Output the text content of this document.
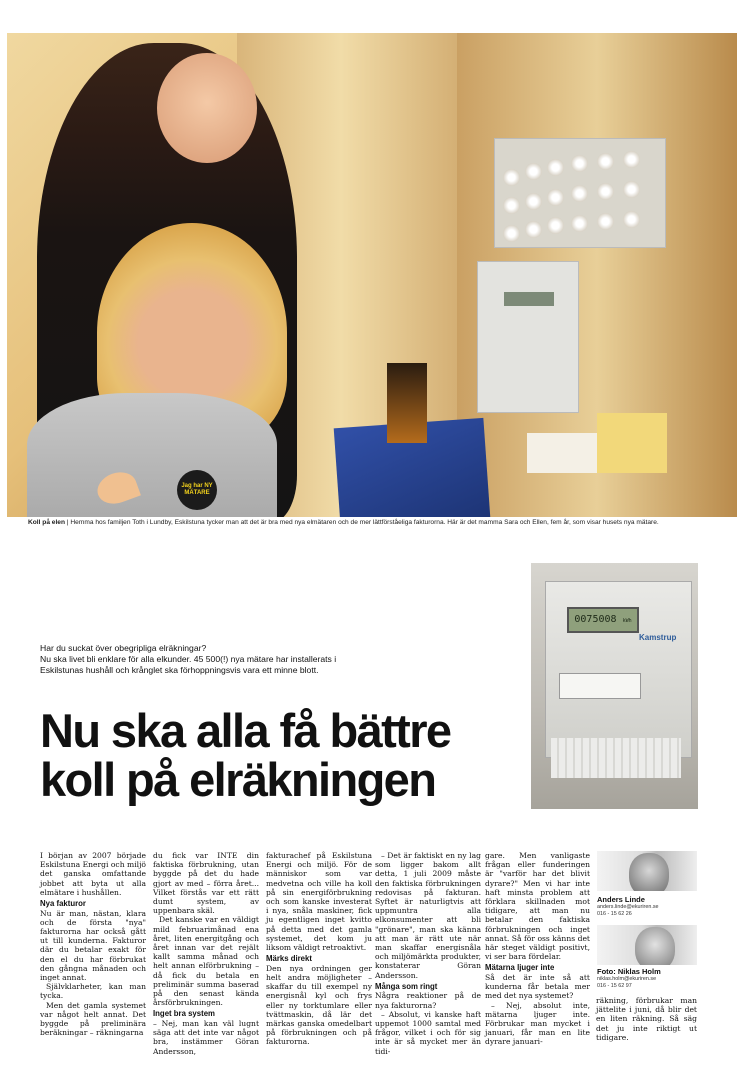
Jag har NY MÄTARE
Koll på elen | Hemma hos familjen Toth i Lundby, Eskilstuna tycker man att det är bra med nya elmätaren och de mer lättförståeliga fakturorna. Här är det mamma Sara och Ellen, fem år, som visar husets nya mätare.
Har du suckat över obegripliga elräkningar?
Nu ska livet bli enklare för alla elkunder. 45 500(!) nya mätare har installerats i Eskilstunas hushåll och krånglet ska förhoppningsvis vara ett minne blott.
Nu ska alla få bättre
koll på elräkningen
0075008 kWh
Kamstrup

I början av 2007 började Eskilstuna Energi och miljö det ganska omfattande jobbet att byta ut alla elmätare i hushållen.

Nya fakturor

Nu är man, nästan, klara och de första "nya" fakturorna har också gått ut till kunderna. Fakturor där du betalar exakt för den el du har förbrukat den gångna månaden och inget annat.

Självklarheter, kan man tycka.

Men det gamla systemet var något helt annat. Det byggde på preliminära beräkningar – räkningarna

du fick var INTE din faktiska förbrukning, utan byggde på det du hade gjort av med – förra året... Vilket förstås var ett rätt dumt system, av uppenbara skäl.

Det kanske var en väldigt mild februarimånad ena året, liten energitgång och året innan var det rejält kallt samma månad och helt annan elförbrukning – då fick du betala en preliminär summa baserad på den senast kända årsförbrukningen.

Inget bra system

– Nej, man kan väl lugnt säga att det inte var något bra, instämmer Göran Andersson,

fakturachef på Eskilstuna Energi och miljö. För de människor som var medvetna och ville ha koll på sin energiförbrukning och som kanske investerat i nya, snåla maskiner, fick ju egentligen inget kvitto på detta med det gamla systemet, det kom ju liksom väldigt retroaktivt.

Märks direkt

Den nya ordningen ger helt andra möjligheter – skaffar du till exempel ny energisnål kyl och frys eller ny torktumlare eller tvättmaskin, då lär det märkas ganska omedelbart på förbrukningen och på fakturorna.

– Det är faktiskt en ny lag som ligger bakom allt detta, 1 juli 2009 måste den faktiska förbrukningen redovisas på fakturan. Syftet är naturligtvis att uppmuntra alla elkonsumenter att bli "grönare", man ska känna att man är rätt ute när man skaffar energisnåla och miljömärkta produkter, konstaterar Göran Andersson.

Många som ringt

Några reaktioner på de nya fakturorna?

– Absolut, vi kanske haft uppemot 1000 samtal med frågor, vilket i och för sig inte är så mycket mer än tidi-

gare. Men vanligaste frågan eller funderingen är "varför har det blivit dyrare?" Men vi har inte haft minsta problem att förklara skillnaden mot tidigare, att man nu betalar den faktiska förbrukningen och inget annat. Så för oss känns det här steget väldigt positivt, vi ser bara fördelar.

Mätarna ljuger inte

Så det är inte så att kunderna får betala mer med det nya systemet?

– Nej, absolut inte, mätarna ljuger inte. Förbrukar man mycket i januari, får man en lite dyrare januari-

räkning, förbrukar man jättelite i juni, då blir det en liten räkning. Så säg det ju inte riktigt ut tidigare.

Anders Linde
anders.linde@ekuriren.se
016 - 15 62 26
Foto: Niklas Holm
niklas.holm@ekuriren.se
016 - 15 62 97
